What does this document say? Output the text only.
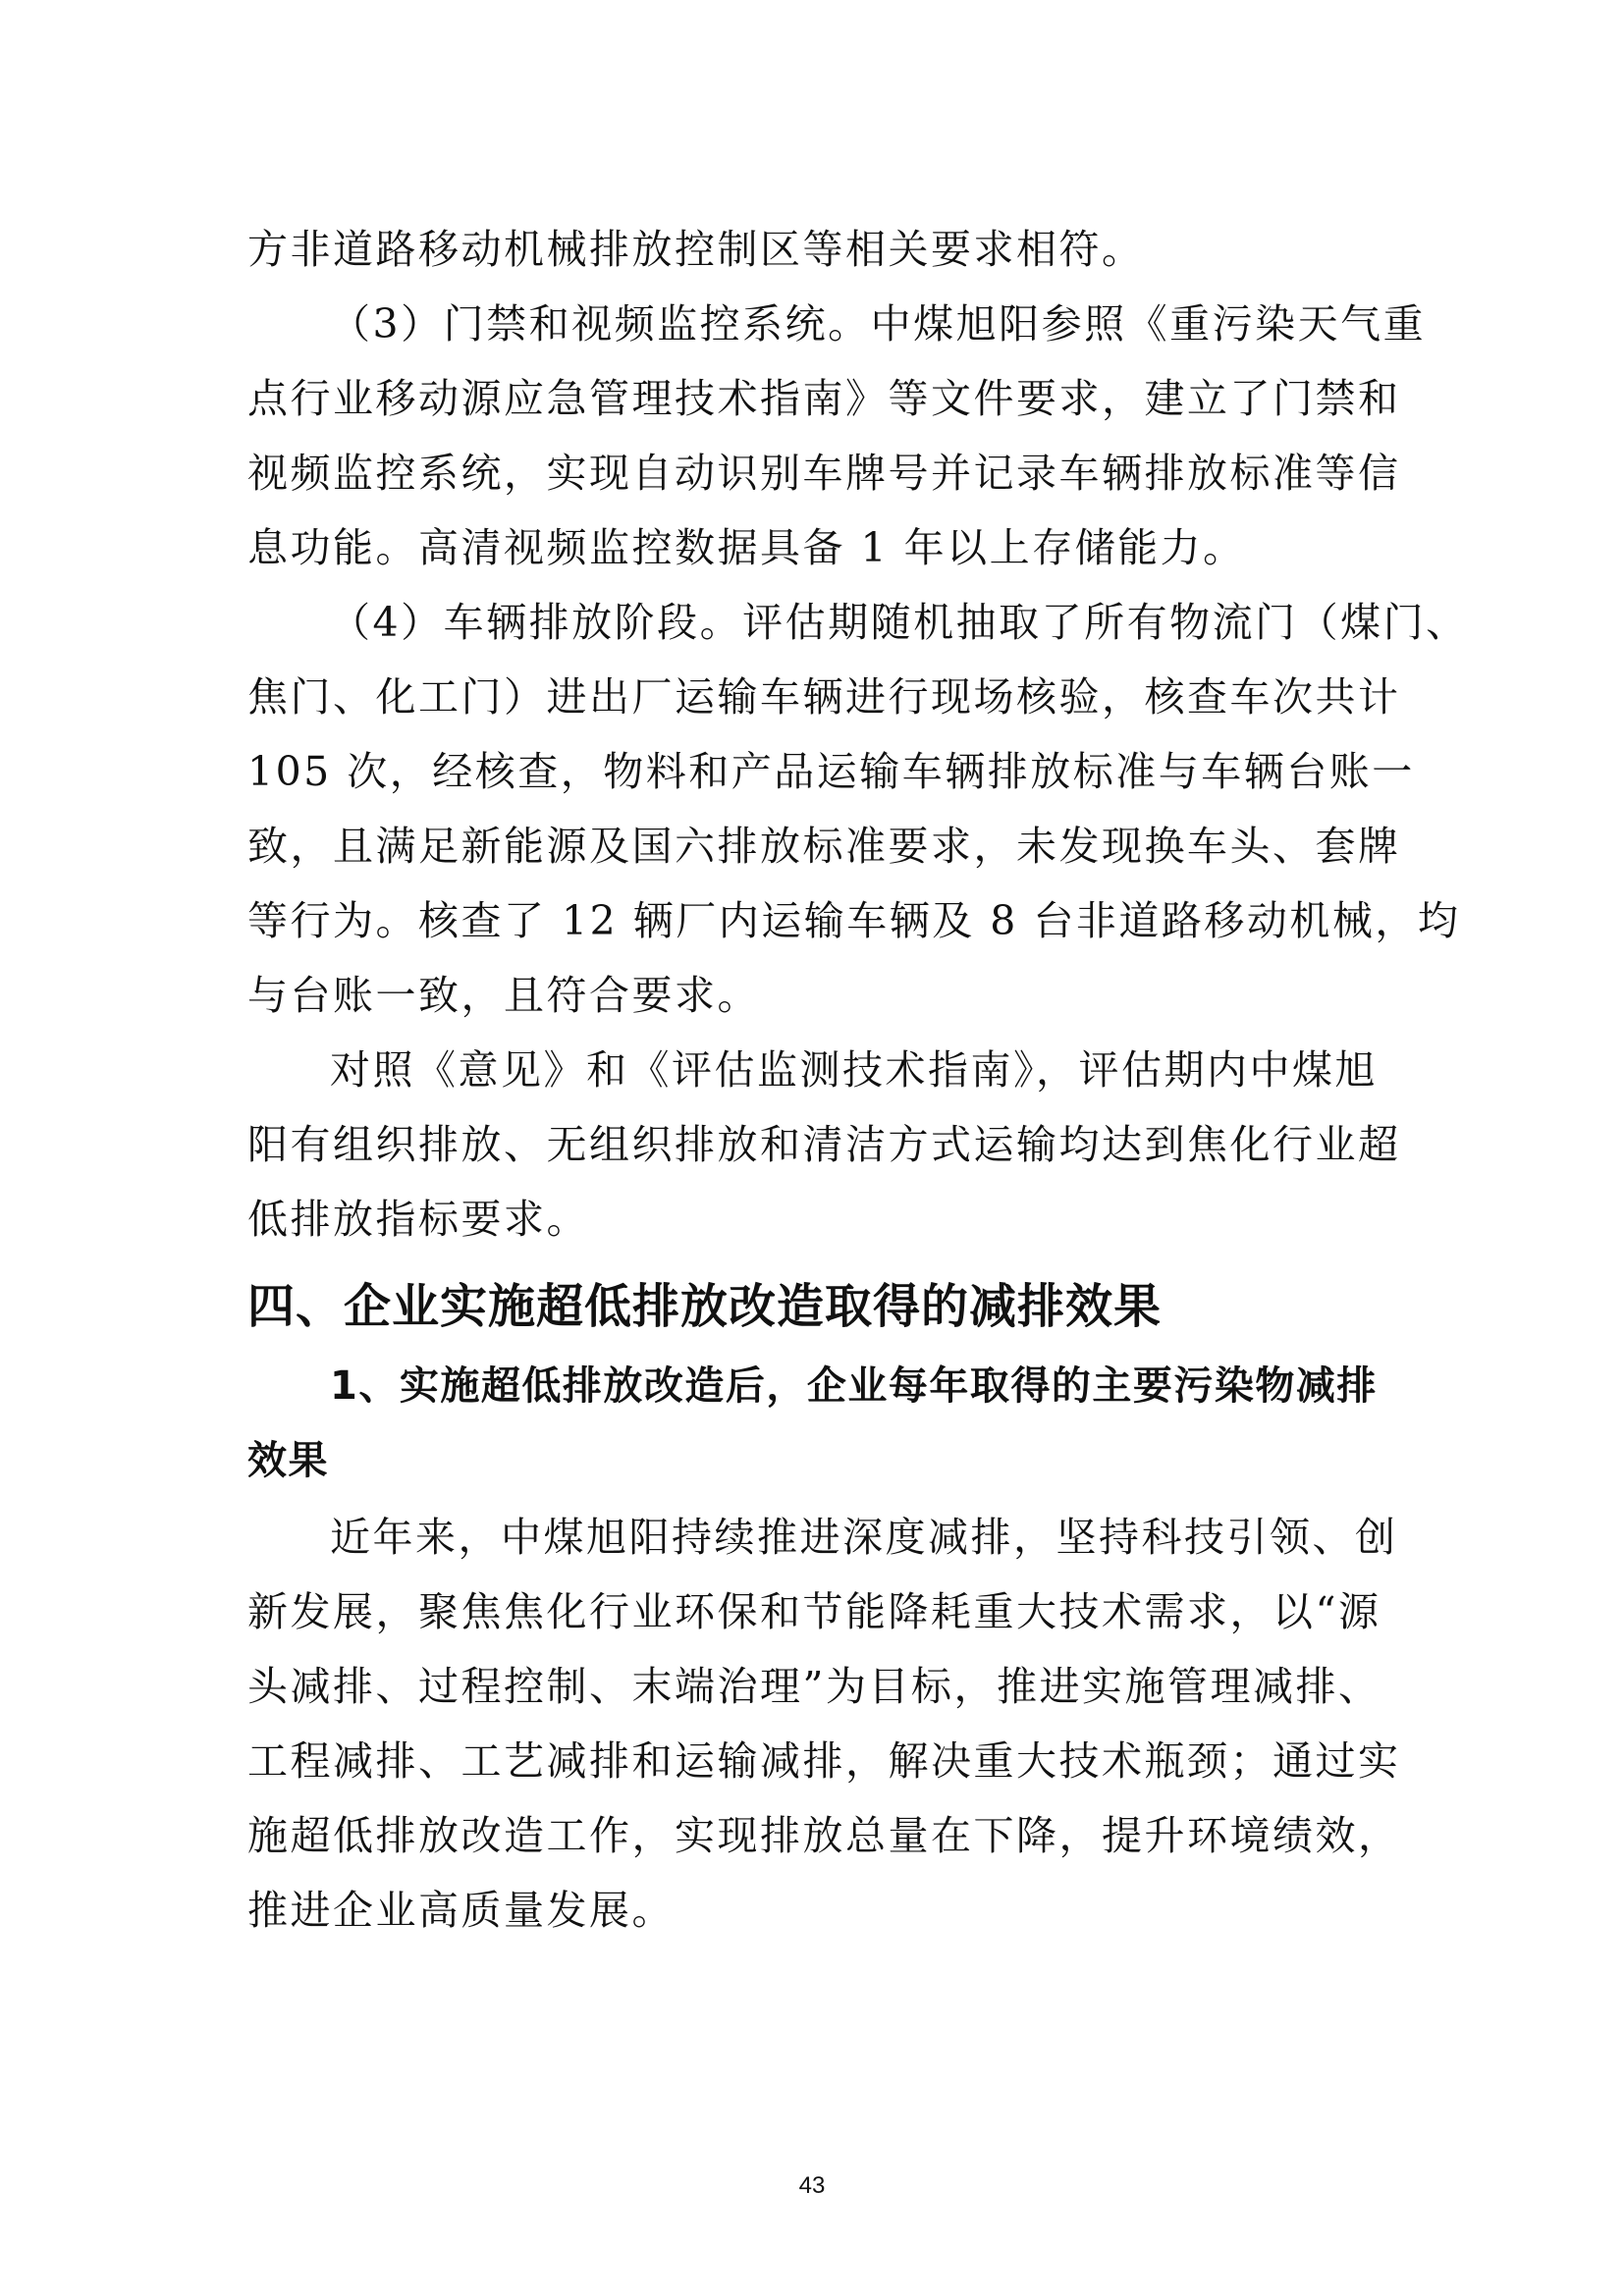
方非道路移动机械排放控制区等相关要求相符。
（3）门禁和视频监控系统。中煤旭阳参照《重污染天气重
点行业移动源应急管理技术指南》等文件要求，建立了门禁和
视频监控系统，实现自动识别车牌号并记录车辆排放标准等信
息功能。高清视频监控数据具备 1 年以上存储能力。
（4）车辆排放阶段。评估期随机抽取了所有物流门（煤门、
焦门、化工门）进出厂运输车辆进行现场核验，核查车次共计
105 次，经核查，物料和产品运输车辆排放标准与车辆台账一
致，且满足新能源及国六排放标准要求，未发现换车头、套牌
等行为。核查了 12 辆厂内运输车辆及 8 台非道路移动机械，均
与台账一致，且符合要求。
对照《意见》和《评估监测技术指南》，评估期内中煤旭
阳有组织排放、无组织排放和清洁方式运输均达到焦化行业超
低排放指标要求。
四、企业实施超低排放改造取得的减排效果
1、实施超低排放改造后，企业每年取得的主要污染物减排
效果
近年来，中煤旭阳持续推进深度减排，坚持科技引领、创
新发展，聚焦焦化行业环保和节能降耗重大技术需求，以“源
头减排、过程控制、末端治理”为目标，推进实施管理减排、
工程减排、工艺减排和运输减排，解决重大技术瓶颈；通过实
施超低排放改造工作，实现排放总量在下降，提升环境绩效，
推进企业高质量发展。
43
